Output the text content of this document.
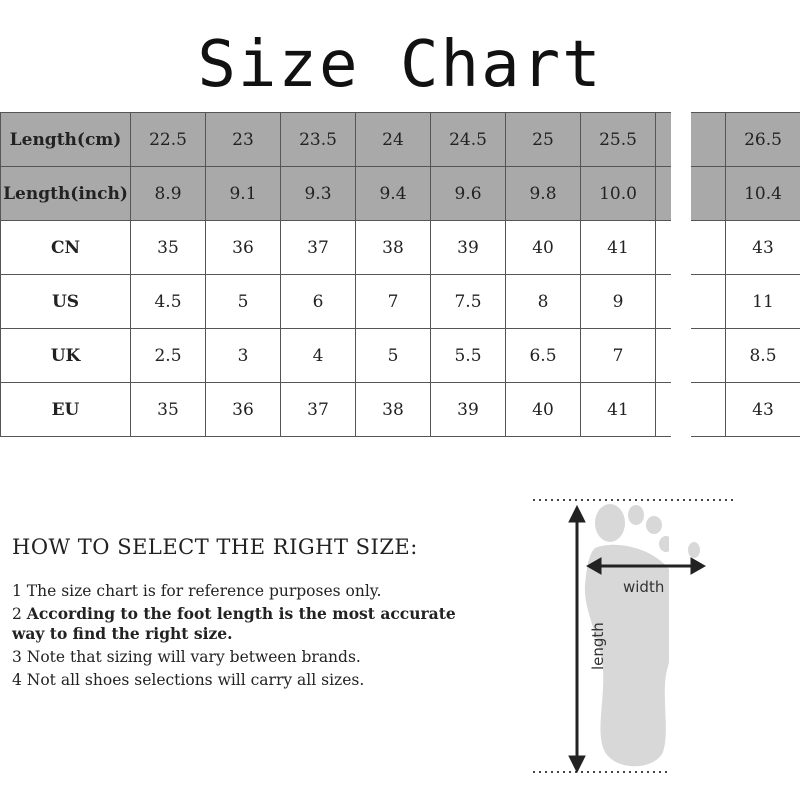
Size Chart
Length(cm)	22.5	23	23.5	24	24.5	25	25.5		26.5
Length(inch)	8.9	9.1	9.3	9.4	9.6	9.8	10.0		10.4
CN	35	36	37	38	39	40	41		43
US	4.5	5	6	7	7.5	8	9		11
UK	2.5	3	4	5	5.5	6.5	7		8.5
EU	35	36	37	38	39	40	41		43
HOW TO SELECT THE RIGHT SIZE:

1 The size chart is for reference purposes only.

2 According to the foot length is the most accurate way to find the right size.

3 Note that sizing will vary between brands.

4 Not all shoes selections will carry all sizes.

width
length
